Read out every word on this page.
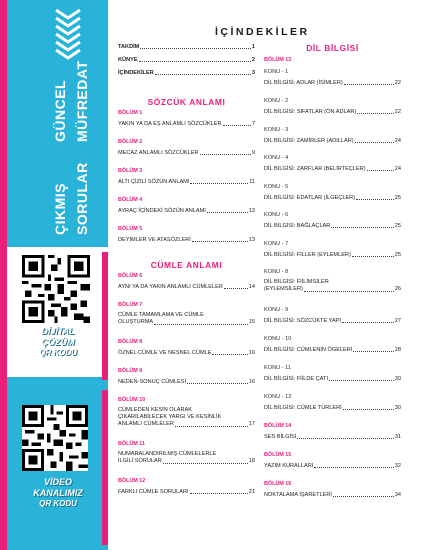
GÜNCEL MÜFREDAT
ÇIKMIŞ SORULAR
DİJİTAL
ÇÖZÜM
QR KODU
VİDEO
KANALIMIZ
QR KODU
İÇİNDEKİLER
TAKDİM	1
KÜNYE	2
İÇİNDEKİLER	3
SÖZCÜK ANLAMI
BÖLÜM 1
YAKIN YA DA EŞ ANLAMLI SÖZCÜKLER	7
BÖLÜM 2
MECAZ ANLAMLI SÖZCÜKLER	9
BÖLÜM 3
ALTI ÇİZİLİ SÖZÜN ANLAMI	11
BÖLÜM 4
AYRAÇ İÇİNDEKİ SÖZÜN ANLAMI	13
BÖLÜM 5
DEYİMLER VE ATASÖZLERİ	13
CÜMLE ANLAMI
BÖLÜM 6
AYNI YA DA YAKIN ANLAMLI CÜMLELER	14
BÖLÜM 7
CÜMLE TAMAMLAMA VE CÜMLE
OLUŞTURMA	15
BÖLÜM 8
ÖZNEL CÜMLE VE NESNEL CÜMLE	16
BÖLÜM 9
NEDEN-SONUÇ CÜMLESİ	16
BÖLÜM 10
CÜMLEDEN KESİN OLARAK
ÇIKARILABİLECEK YARGI VE KESİNLİK
ANLAMLI CÜMLELER	17
BÖLÜM 11
NUMARALANDIRILMIŞ CÜMLELERLE
İLGİLİ SORULAR	18
BÖLÜM 12
FARKLI CÜMLE SORULARI	21
DİL BİLGİSİ
BÖLÜM 13
KONU - 1
DİL BİLGİSİ: ADLAR (İSİMLER)	22
KONU - 2
DİL BİLGİSİ: SIFATLAR (ÖN ADLAR)	22
KONU - 3
DİL BİLGİSİ: ZAMİRLER (ADILLAR)	24
KONU - 4
DİL BİLGİSİ: ZARFLAR (BELİRTEÇLER)	24
KONU - 5
DİL BİLGİSİ: EDATLAR (İLGEÇLER)	25
KONU - 6
DİL BİLGİSİ: BAĞLAÇLAR	25
KONU - 7
DİL BİLGİSİ: FİLLER (EYLEMLER)	25
KONU - 8
DİL BİLGİSİ: FİİLİMSİLER
(EYLEMSİLER)	26
KONU - 9
DİL BİLGİSİ: SÖZCÜKTE YAPI	27
KONU - 10
DİL BİLGİSİ: CÜMLENİN ÖGELERİ	28
KONU - 11
DİL BİLGİSİ: FİİLDE ÇATI	30
KONU - 12
DİL BİLGİSİ: CÜMLE TÜRLERİ	30
BÖLÜM 14
SES BİLGİSİ	31
BÖLÜM 15
YAZIM KURALLARI	32
BÖLÜM 16
NOKTALAMA İŞARETLERİ	34
